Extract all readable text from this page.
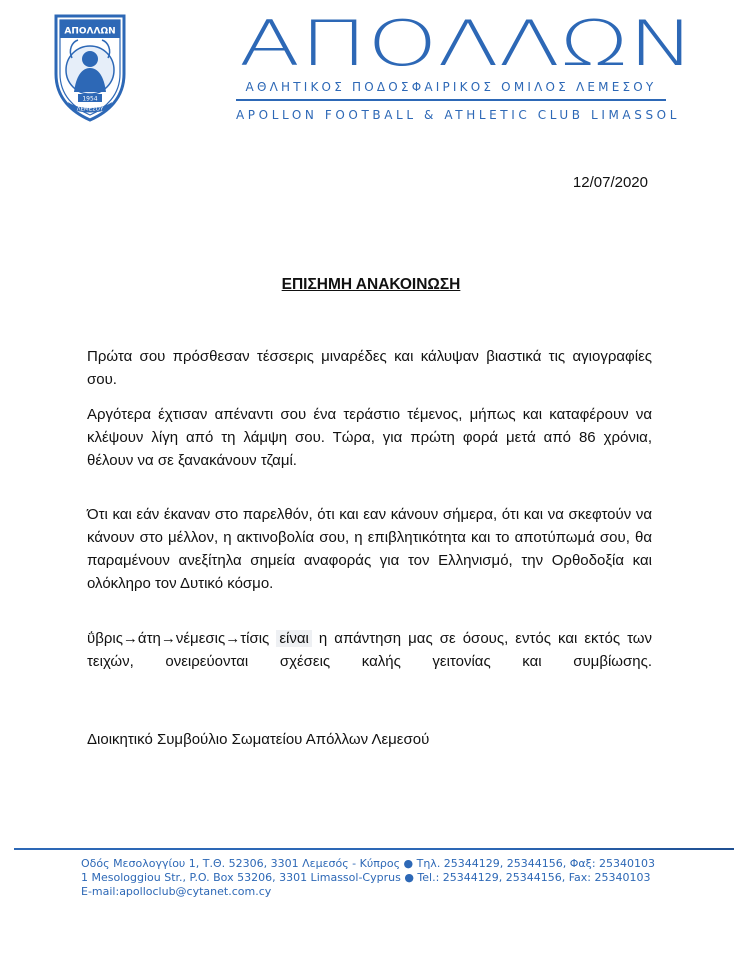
ΑΠΟΛΛΩΝ
1954
ΛΕΜΕΣΟΥ
ΑΠΟΛΛΩΝ
ΑΘΛΗΤΙΚΟΣ ΠΟΔΟΣΦΑΙΡΙΚΟΣ ΟΜΙΛΟΣ ΛΕΜΕΣΟΥ
APOLLON FOOTBALL & ATHLETIC CLUB LIMASSOL
12/07/2020
ΕΠΙΣΗΜΗ ΑΝΑΚΟΙΝΩΣΗ
Πρώτα σου πρόσθεσαν τέσσερις μιναρέδες και κάλυψαν βιαστικά τις αγιογραφίες σου.
Αργότερα έχτισαν απέναντι σου ένα τεράστιο τέμενος, μήπως και καταφέρουν να κλέψουν λίγη από τη λάμψη σου. Τώρα, για πρώτη φορά μετά από 86 χρόνια, θέλουν να σε ξανακάνουν τζαμί.
Ότι και εάν έκαναν στο παρελθόν, ότι και εαν κάνουν σήμερα, ότι και να σκεφτούν να κάνουν στο μέλλον, η ακτινοβολία σου, η επιβλητικότητα και το αποτύπωμά σου, θα παραμένουν ανεξίτηλα σημεία αναφοράς για τον Ελληνισμό, την Ορθοδοξία και ολόκληρο τον Δυτικό κόσμο.
ΰβρις→άτη→νέμεσις→τίσις είναι η απάντηση μας σε όσους, εντός και εκτός των τειχών, ονειρεύονται σχέσεις καλής γειτονίας και συμβίωσης.
Διοικητικό Συμβούλιο Σωματείου Απόλλων Λεμεσού
Οδός Μεσολογγίου 1, Τ.Θ. 52306, 3301 Λεμεσός - Κύπρος ● Τηλ. 25344129, 25344156, Φαξ: 25340103
1 Mesologgiou Str., P.O. Box 53206, 3301 Limassol-Cyprus ● Tel.: 25344129, 25344156, Fax: 25340103
E-mail:apolloclub@cytanet.com.cy
